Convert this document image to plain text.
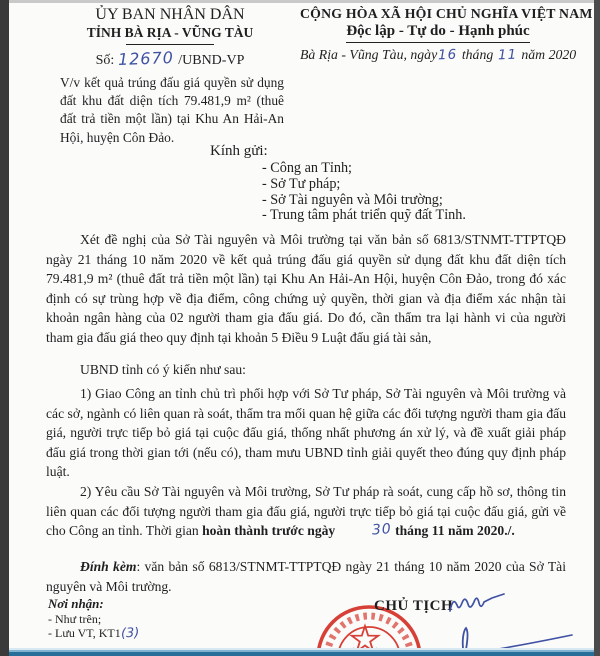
ỦY BAN NHÂN DÂN
TỈNH BÀ RỊA - VŨNG TÀU
Số: 12670 /UBND-VP
V/v kết quả trúng đấu giá quyền sử dụng đất khu đất diện tích 79.481,9 m² (thuê đất trả tiền một lần) tại Khu An Hải-An Hội, huyện Côn Đảo.
CỘNG HÒA XÃ HỘI CHỦ NGHĨA VIỆT NAM
Độc lập - Tự do - Hạnh phúc
Bà Rịa - Vũng Tàu, ngày16 tháng 11 năm 2020
Kính gửi:
- Công an Tỉnh;
- Sở Tư pháp;
- Sở Tài nguyên và Môi trường;
- Trung tâm phát triển quỹ đất Tỉnh.

Xét đề nghị của Sở Tài nguyên và Môi trường tại văn bản số 6813/STNMT-TTPTQĐ ngày 21 tháng 10 năm 2020 về kết quả trúng đấu giá quyền sử dụng đất khu đất diện tích 79.481,9 m² (thuê đất trả tiền một lần) tại Khu An Hải-An Hội, huyện Côn Đảo, trong đó xác định có sự trùng hợp về địa điểm, công chứng uỷ quyền, thời gian và địa điểm xác nhận tài khoản ngân hàng của 02 người tham gia đấu giá. Do đó, cần thẩm tra lại hành vi của người tham gia đấu giá theo quy định tại khoản 5 Điều 9 Luật đấu giá tài sản,

UBND tỉnh có ý kiến như sau:

1) Giao Công an tỉnh chủ trì phối hợp với Sở Tư pháp, Sở Tài nguyên và Môi trường và các sở, ngành có liên quan rà soát, thẩm tra mối quan hệ giữa các đối tượng người tham gia đấu giá, người trực tiếp bỏ giá tại cuộc đấu giá, thống nhất phương án xử lý, và đề xuất giải pháp đấu giá trong thời gian tới (nếu có), tham mưu UBND tỉnh giải quyết theo đúng quy định pháp luật.

2) Yêu cầu Sở Tài nguyên và Môi trường, Sở Tư pháp rà soát, cung cấp hồ sơ, thông tin liên quan các đối tượng người tham gia đấu giá, người trực tiếp bỏ giá tại cuộc đấu giá, gửi về cho Công an tỉnh. Thời gian hoàn thành trước ngày	30 tháng 11 năm 2020./.

Đính kèm: văn bản số 6813/STNMT-TTPTQĐ ngày 21 tháng 10 năm 2020 của Sở Tài nguyên và Môi trường.

Nơi nhận:
- Như trên;
- Lưu VT, KT1(3)
CHỦ TỊCH
